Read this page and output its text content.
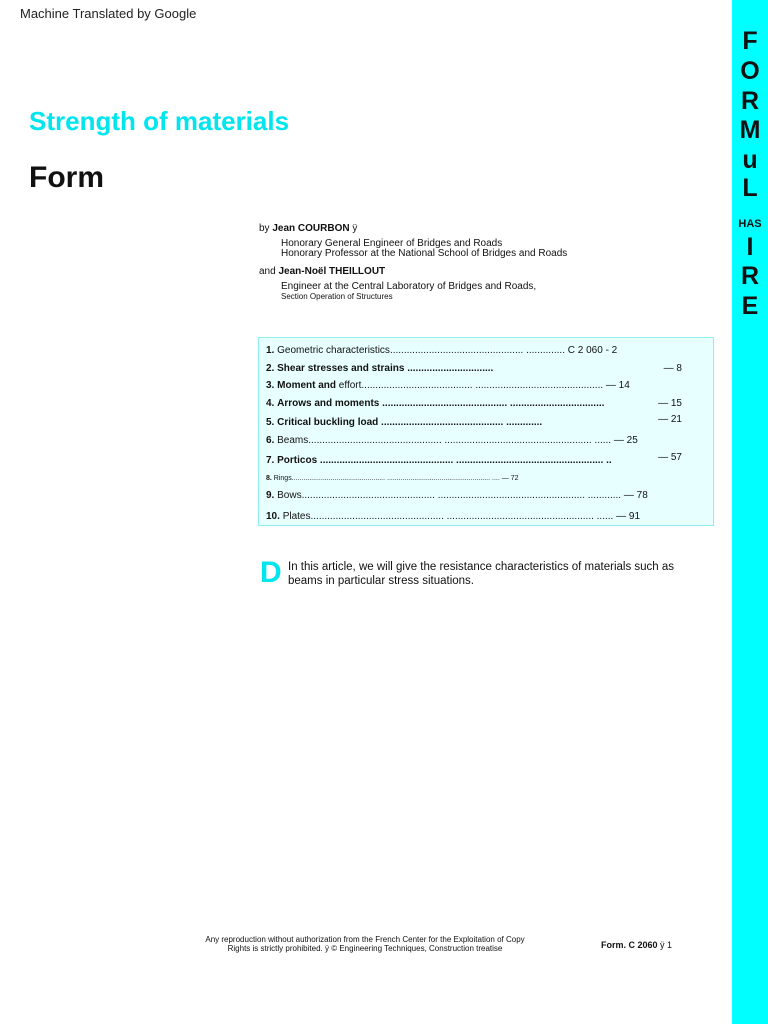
Machine Translated by Google
F
O
R
M
u
L
HAS
I
R
E
Strength of materials
Form
by Jean COURBON ÿ
Honorary General Engineer of Bridges and Roads
Honorary Professor at the National School of Bridges and Roads
and Jean-Noël THEILLOUT
Engineer at the Central Laboratory of Bridges and Roads,
Section Operation of Structures
1. Geometric characteristics................................................ .............. C 2 060 - 2
2. Shear stresses and strains ...............................	— 8
3. Moment and effort........................................ .............................................. — 14
4. Arrows and moments ............................................. ..................................	— 15
5. Critical buckling load ............................................ .............	— 21
6. Beams................................................ ..................................................... ...... — 25
7. Porticos ................................................ ..................................................... ..	— 57
8. Rings................................................ ..................................................... .... — 72
9. Bows................................................ ..................................................... ............ — 78
10. Plates................................................ ..................................................... ...... — 91
D In this article, we will give the resistance characteristics of materials such as beams in particular stress situations.
Any reproduction without authorization from the French Center for the Exploitation of Copy
Rights is strictly prohibited. ÿ © Engineering Techniques, Construction treatise	Form. C 2060 ÿ 1
